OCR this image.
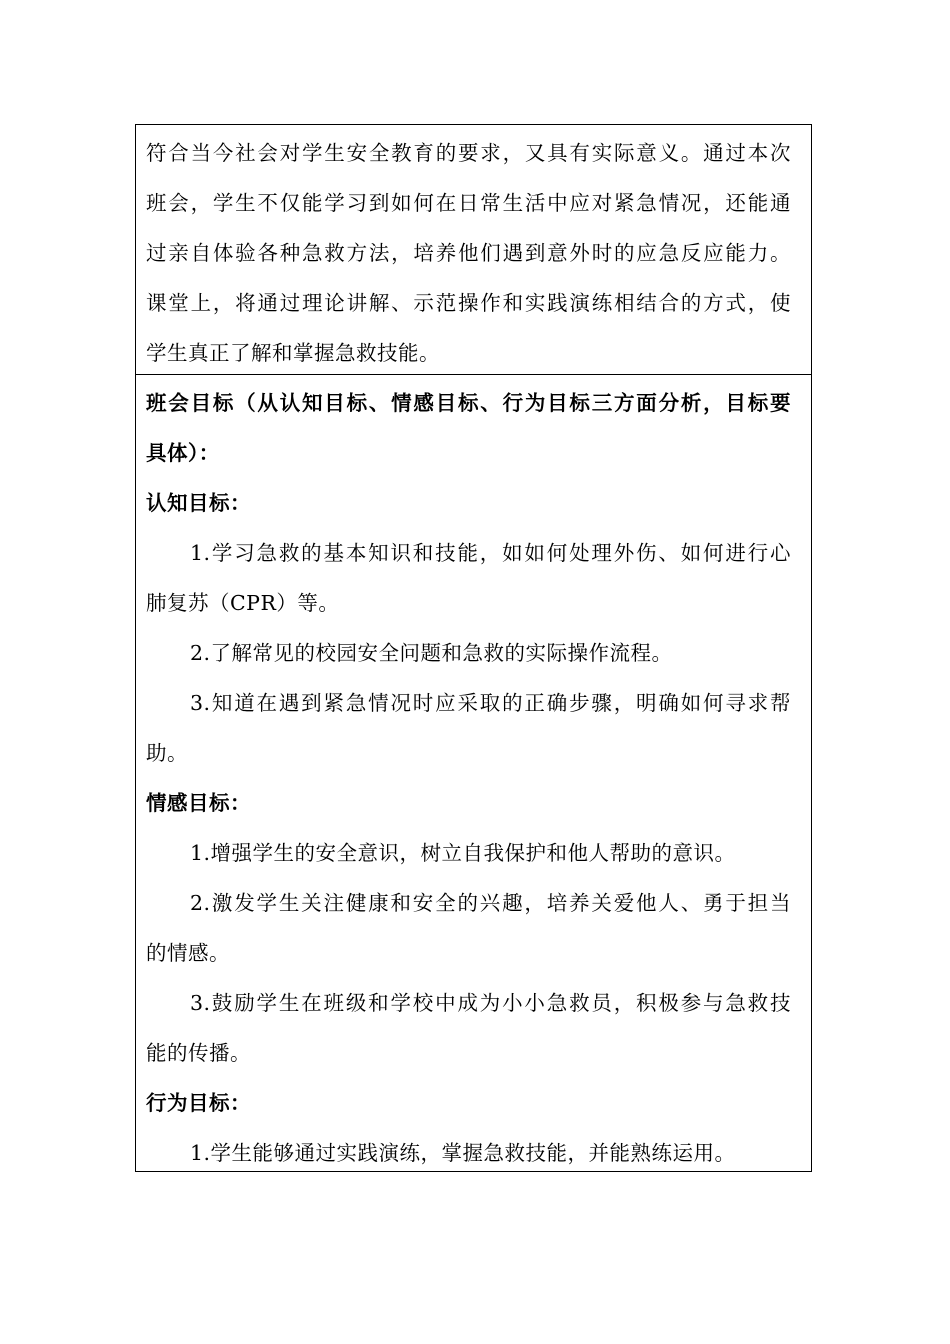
符合当今社会对学生安全教育的要求，又具有实际意义。通过本次
班会，学生不仅能学习到如何在日常生活中应对紧急情况，还能通
过亲自体验各种急救方法，培养他们遇到意外时的应急反应能力。
课堂上，将通过理论讲解、示范操作和实践演练相结合的方式，使
学生真正了解和掌握急救技能。
班会目标（从认知目标、情感目标、行为目标三方面分析，目标要
具体）：
认知目标：
1.学习急救的基本知识和技能，如如何处理外伤、如何进行心
肺复苏（CPR）等。
2.了解常见的校园安全问题和急救的实际操作流程。
3.知道在遇到紧急情况时应采取的正确步骤，明确如何寻求帮
助。
情感目标：
1.增强学生的安全意识，树立自我保护和他人帮助的意识。
2.激发学生关注健康和安全的兴趣，培养关爱他人、勇于担当
的情感。
3.鼓励学生在班级和学校中成为小小急救员，积极参与急救技
能的传播。
行为目标：
1.学生能够通过实践演练，掌握急救技能，并能熟练运用。
